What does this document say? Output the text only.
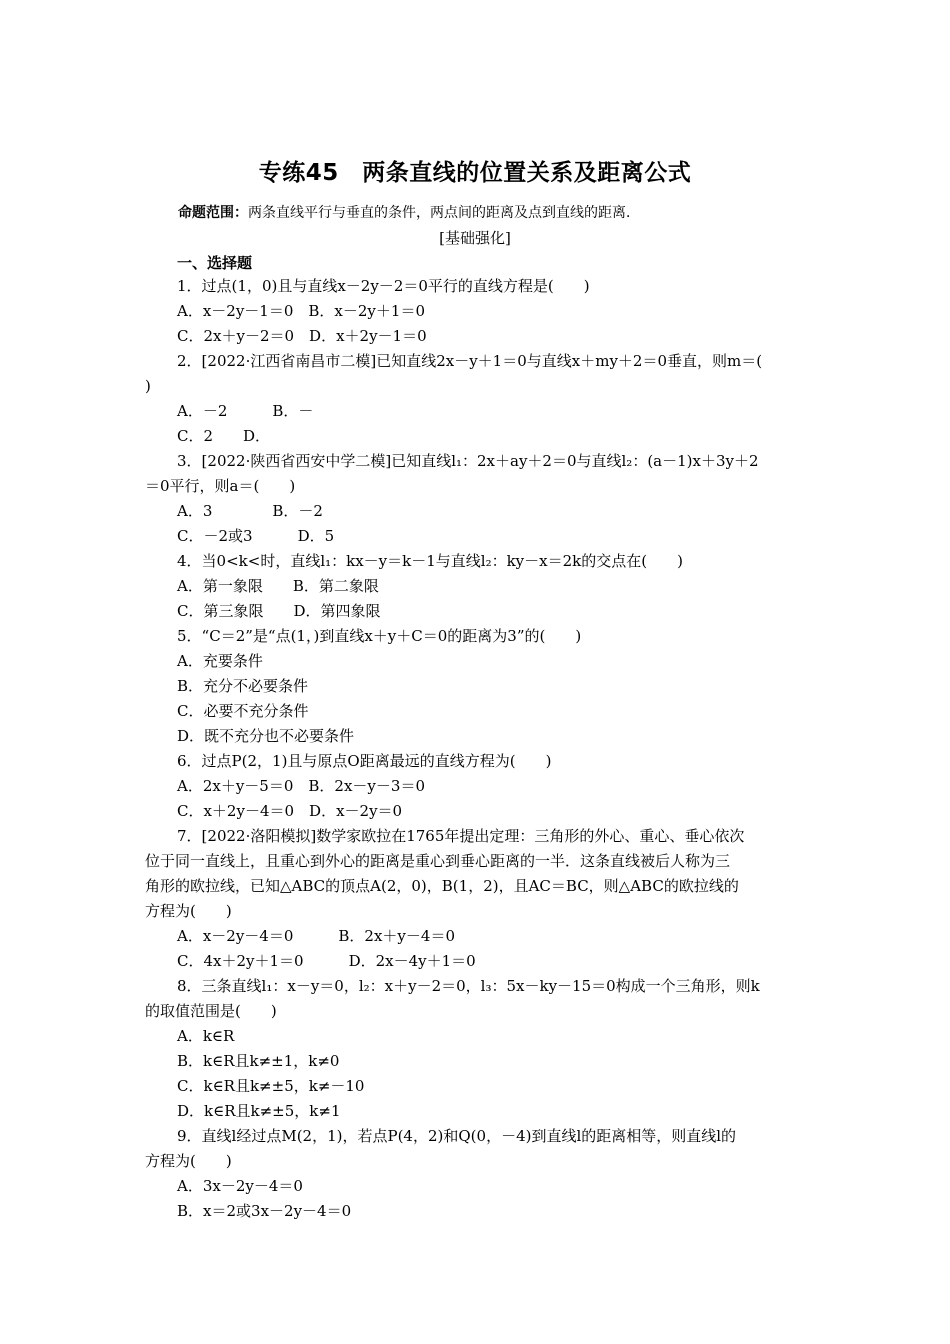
专练45　两条直线的位置关系及距离公式
命题范围：两条直线平行与垂直的条件，两点间的距离及点到直线的距离．
[基础强化]
一、选择题
1．过点(1，0)且与直线x－2y－2＝0平行的直线方程是(　　)
A．x－2y－1＝0　B．x－2y＋1＝0
C．2x＋y－2＝0　D．x＋2y－1＝0
2．[2022·江西省南昌市二模]已知直线2x－y＋1＝0与直线x＋my＋2＝0垂直，则m＝(
)
A．－2　　　B．－
C．2　　D．
3．[2022·陕西省西安中学二模]已知直线l₁：2x＋ay＋2＝0与直线l₂：(a－1)x＋3y＋2
＝0平行，则a＝(　　)
A．3　　　　B．－2
C．－2或3　　　D．5
4．当0<k<时，直线l₁：kx－y＝k－1与直线l₂：ky－x＝2k的交点在(　　)
A．第一象限　　B．第二象限
C．第三象限　　D．第四象限
5．“C＝2”是“点(1，)到直线x＋y＋C＝0的距离为3”的(　　)
A．充要条件
B．充分不必要条件
C．必要不充分条件
D．既不充分也不必要条件
6．过点P(2，1)且与原点O距离最远的直线方程为(　　)
A．2x＋y－5＝0　B．2x－y－3＝0
C．x＋2y－4＝0　D．x－2y＝0
7．[2022·洛阳模拟]数学家欧拉在1765年提出定理：三角形的外心、重心、垂心依次
位于同一直线上，且重心到外心的距离是重心到垂心距离的一半．这条直线被后人称为三
角形的欧拉线，已知△ABC的顶点A(2，0)，B(1，2)，且AC＝BC，则△ABC的欧拉线的
方程为(　　)
A．x－2y－4＝0　　　B．2x＋y－4＝0
C．4x＋2y＋1＝0　　　D．2x－4y＋1＝0
8．三条直线l₁：x－y＝0，l₂：x＋y－2＝0，l₃：5x－ky－15＝0构成一个三角形，则k
的取值范围是(　　)
A．k∈R
B．k∈R且k≠±1，k≠0
C．k∈R且k≠±5，k≠－10
D．k∈R且k≠±5，k≠1
9．直线l经过点M(2，1)，若点P(4，2)和Q(0，－4)到直线l的距离相等，则直线l的
方程为(　　)
A．3x－2y－4＝0
B．x＝2或3x－2y－4＝0
